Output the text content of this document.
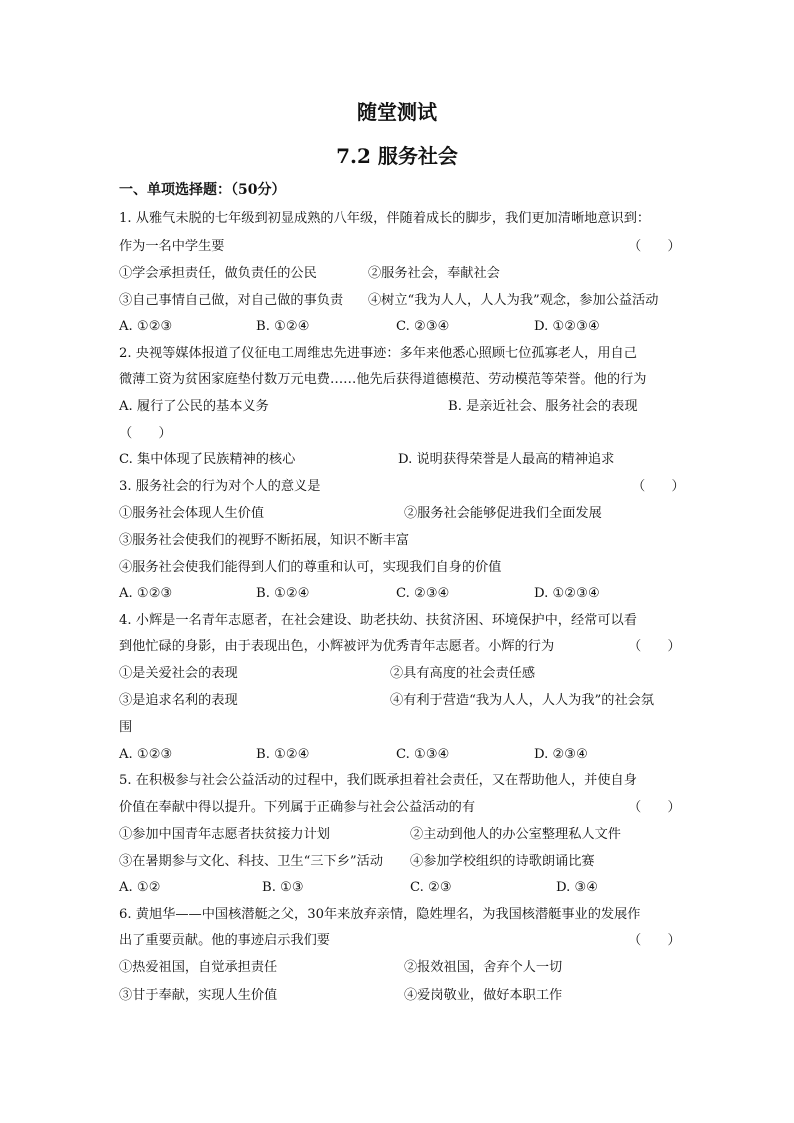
随堂测试
7.2 服务社会
一、单项选择题：（50分）
1. 从雅气未脱的七年级到初显成熟的八年级，伴随着成长的脚步，我们更加清晰地意识到：
作为一名中学生要	（　　）
①学会承担责任，做负责任的公民	②服务社会，奉献社会
③自己事情自己做，对自己做的事负责 ④树立“我为人人，人人为我”观念，参加公益活动
A. ①②③	B. ①②④	C. ②③④	D. ①②③④
2. 央视等媒体报道了仪征电工周维忠先进事迹：多年来他悉心照顾七位孤寡老人，用自己
微薄工资为贫困家庭垫付数万元电费……他先后获得道德模范、劳动模范等荣誉。他的行为
A. 履行了公民的基本义务	B. 是亲近社会、服务社会的表现
（　　）
C. 集中体现了民族精神的核心	D. 说明获得荣誉是人最高的精神追求
3. 服务社会的行为对个人的意义是	（　　）
①服务社会体现人生价值	②服务社会能够促进我们全面发展
③服务社会使我们的视野不断拓展，知识不断丰富
④服务社会使我们能得到人们的尊重和认可，实现我们自身的价值
A. ①②③	B. ①②④	C. ②③④	D. ①②③④
4. 小辉是一名青年志愿者，在社会建设、助老扶幼、扶贫济困、环境保护中，经常可以看
到他忙碌的身影，由于表现出色，小辉被评为优秀青年志愿者。小辉的行为	（　　）
①是关爱社会的表现	②具有高度的社会责任感
③是追求名利的表现	④有利于营造“我为人人，人人为我”的社会氛
围
A. ①②③	B. ①②④	C. ①③④	D. ②③④
5. 在积极参与社会公益活动的过程中，我们既承担着社会责任，又在帮助他人，并使自身
价值在奉献中得以提升。下列属于正确参与社会公益活动的有	（　　）
①参加中国青年志愿者扶贫接力计划	②主动到他人的办公室整理私人文件
③在暑期参与文化、科技、卫生“三下乡”活动 ④参加学校组织的诗歌朗诵比赛
A. ①②	B. ①③	C. ②③	D. ③④
6. 黄旭华——中国核潜艇之父，30年来放弃亲情，隐姓埋名，为我国核潜艇事业的发展作
出了重要贡献。他的事迹启示我们要	（　　）
①热爱祖国，自觉承担责任	②报效祖国，舍弃个人一切
③甘于奉献，实现人生价值	④爱岗敬业，做好本职工作
